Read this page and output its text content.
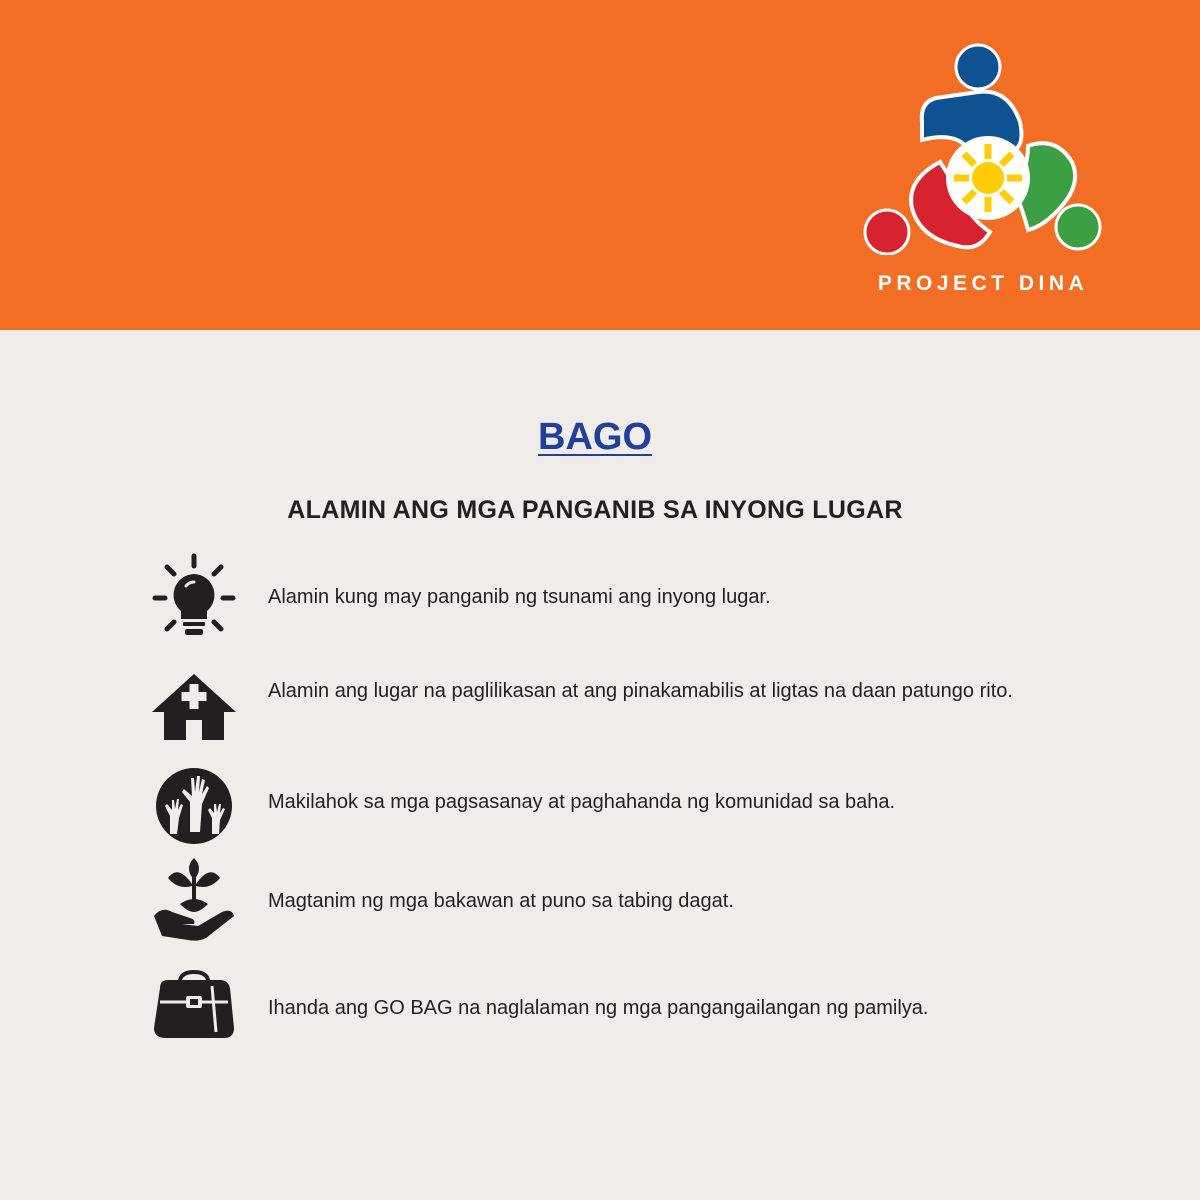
PROJECT DINA
BAGO
ALAMIN ANG MGA PANGANIB SA INYONG LUGAR
Alamin kung may panganib ng tsunami ang inyong lugar.
Alamin ang lugar na paglilikasan at ang pinakamabilis at ligtas na daan patungo rito.
Makilahok sa mga pagsasanay at paghahanda ng komunidad sa baha.
Magtanim ng mga bakawan at puno sa tabing dagat.
Ihanda ang GO BAG na naglalaman ng mga pangangailangan ng pamilya.
